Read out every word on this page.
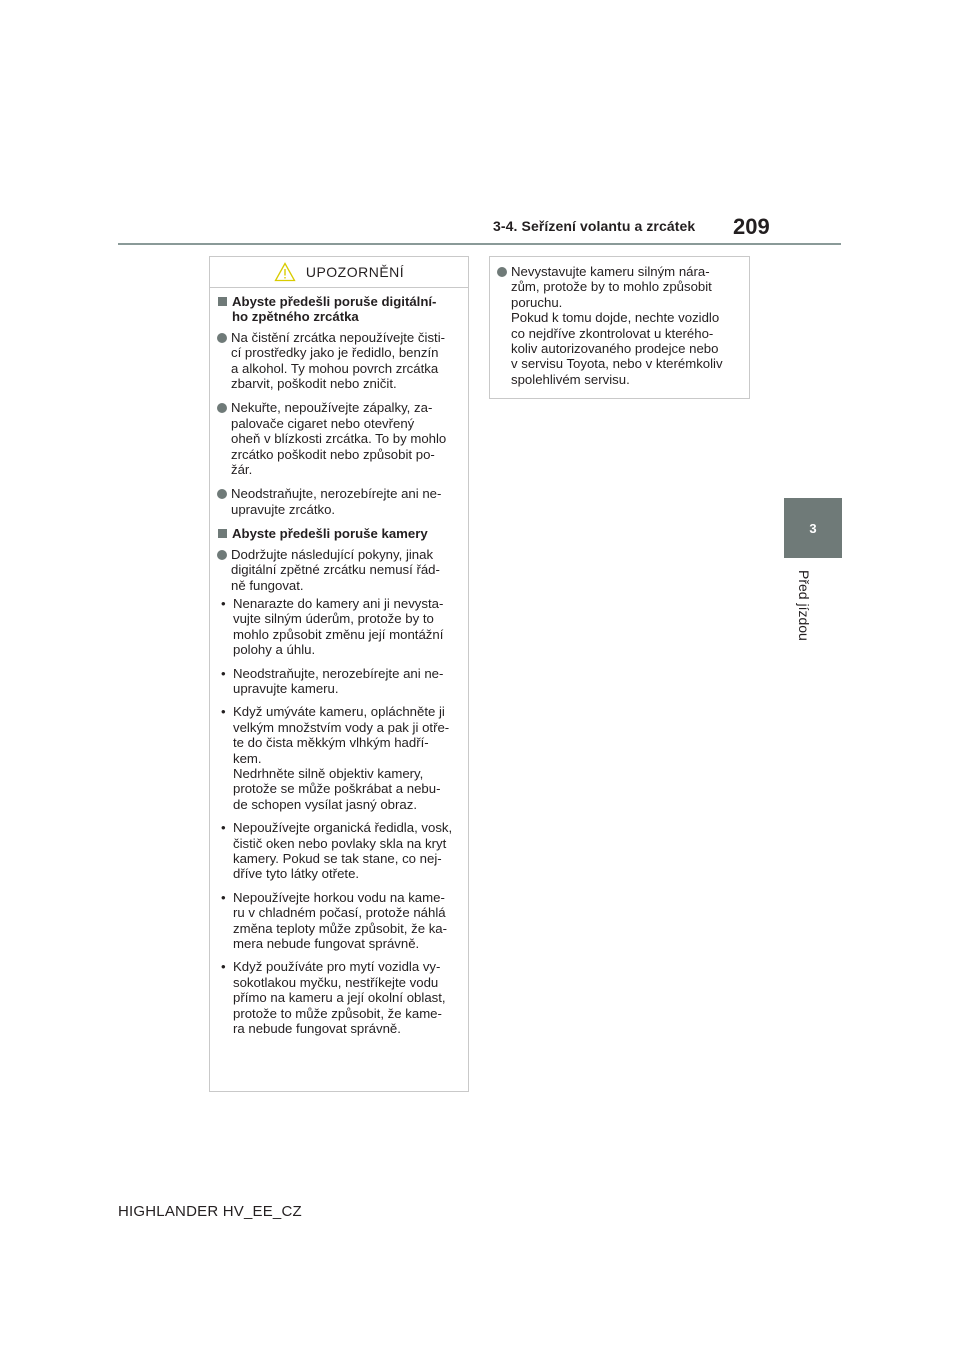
3-4. Seřízení volantu a zrcátek 209
3
Před jízdou
UPOZORNĚNÍ
Abyste předešli poruše digitální-
ho zpětného zrcátka
Na čistění zrcátka nepoužívejte čisti-
cí prostředky jako je ředidlo, benzín
a alkohol. Ty mohou povrch zrcátka
zbarvit, poškodit nebo zničit.
Nekuřte, nepoužívejte zápalky, za-
palovače cigaret nebo otevřený
oheň v blízkosti zrcátka. To by mohlo
zrcátko poškodit nebo způsobit po-
žár.
Neodstraňujte, nerozebírejte ani ne-
upravujte zrcátko.
Abyste předešli poruše kamery
Dodržujte následující pokyny, jinak
digitální zpětné zrcátku nemusí řád-
ně fungovat.
• Nenarazte do kamery ani ji nevysta-
vujte silným úderům, protože by to
mohlo způsobit změnu její montážní
polohy a úhlu.
• Neodstraňujte, nerozebírejte ani ne-
upravujte kameru.
• Když umýváte kameru, opláchněte ji
velkým množstvím vody a pak ji otře-
te do čista měkkým vlhkým hadří-
kem.
Nedrhněte silně objektiv kamery,
protože se může poškrábat a nebu-
de schopen vysílat jasný obraz.
• Nepoužívejte organická ředidla, vosk,
čistič oken nebo povlaky skla na kryt
kamery. Pokud se tak stane, co nej-
dříve tyto látky otřete.
• Nepoužívejte horkou vodu na kame-
ru v chladném počasí, protože náhlá
změna teploty může způsobit, že ka-
mera nebude fungovat správně.
• Když používáte pro mytí vozidla vy-
sokotlakou myčku, nestříkejte vodu
přímo na kameru a její okolní oblast,
protože to může způsobit, že kame-
ra nebude fungovat správně.
Nevystavujte kameru silným nára-
zům, protože by to mohlo způsobit
poruchu.
Pokud k tomu dojde, nechte vozidlo
co nejdříve zkontrolovat u kterého-
koliv autorizovaného prodejce nebo
v servisu Toyota, nebo v kterémkoliv
spolehlivém servisu.
HIGHLANDER HV_EE_CZ
